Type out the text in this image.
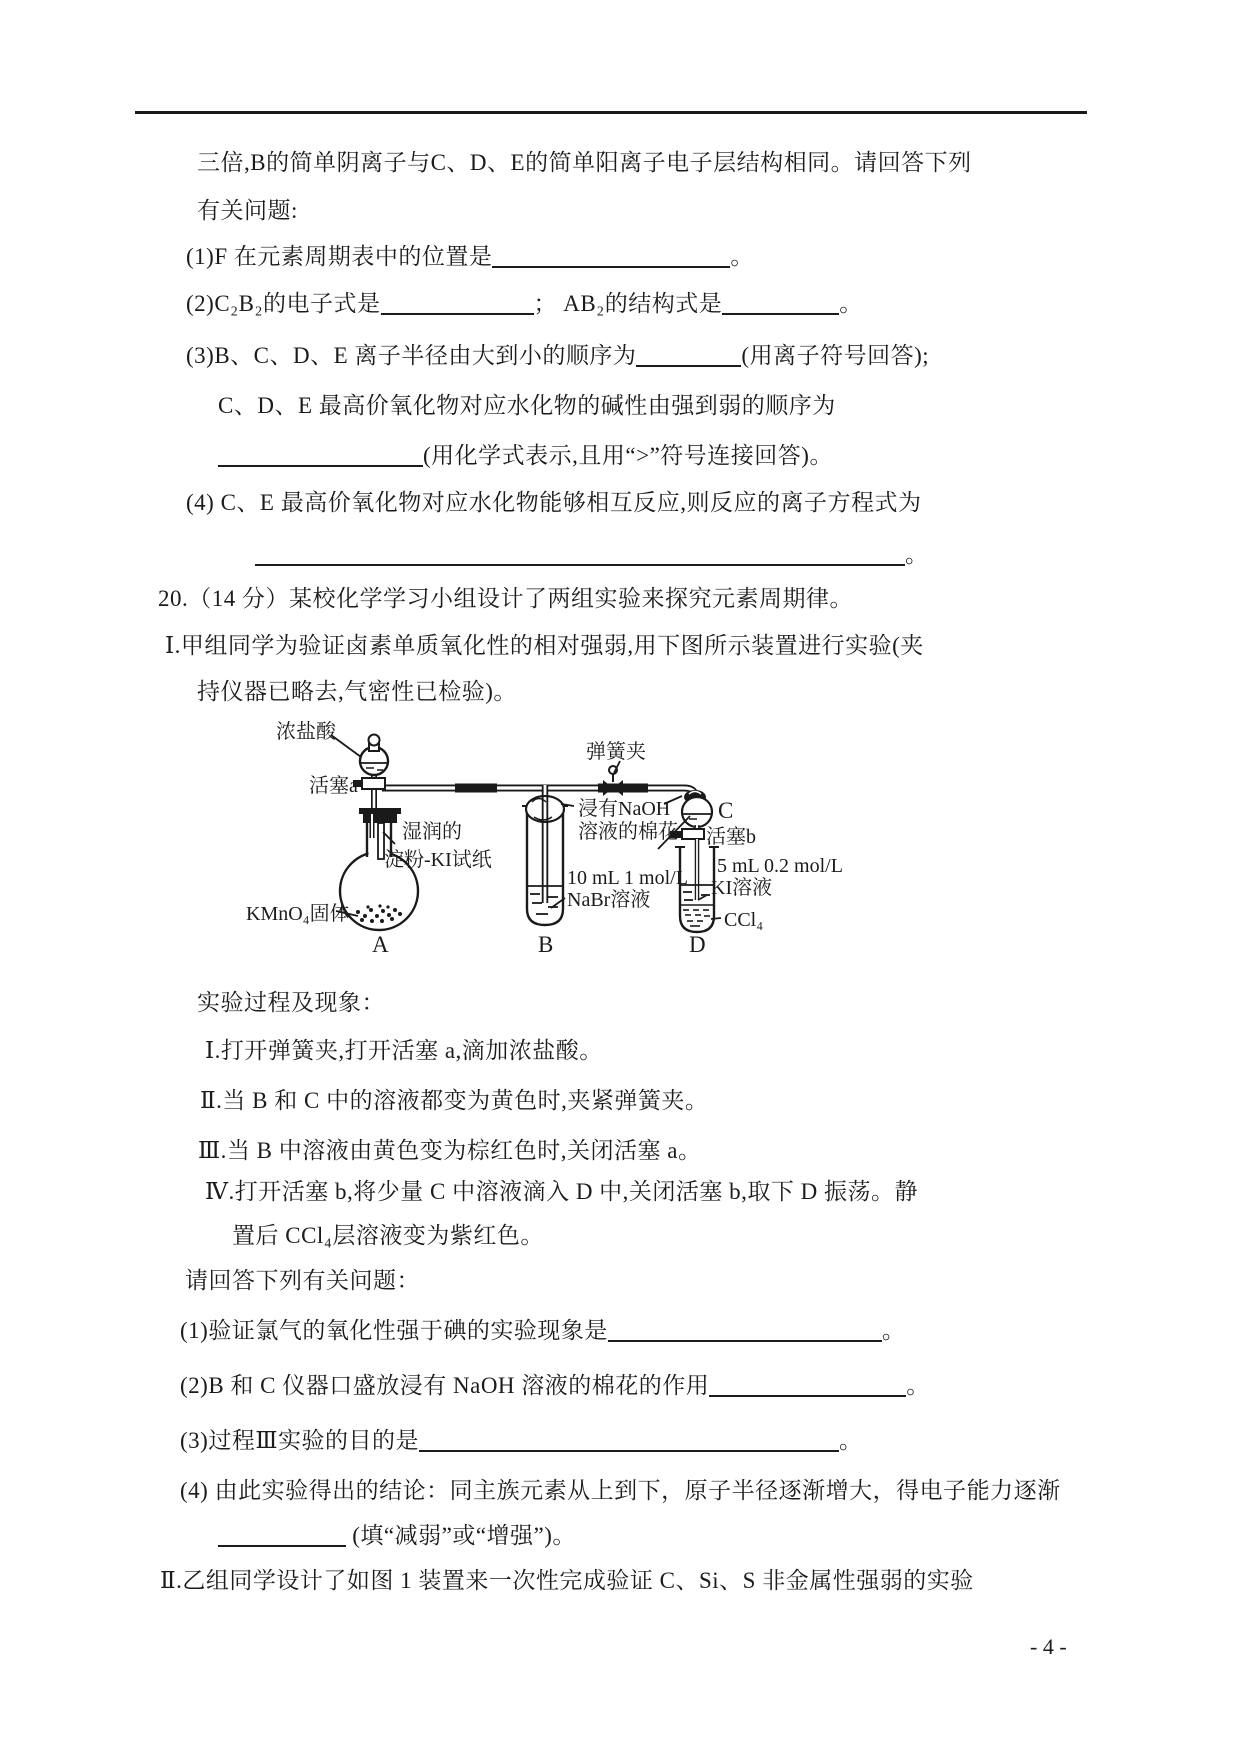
三倍,B的简单阴离子与C、D、E的简单阳离子电子层结构相同。请回答下列
有关问题:
(1)F 在元素周期表中的位置是	。
(2)C₂B₂的电子式是	； AB₂的结构式是	。
(3)B、C、D、E 离子半径由大到小的顺序为	(用离子符号回答);
C、D、E 最高价氧化物对应水化物的碱性由强到弱的顺序为
(用化学式表示,且用“>”符号连接回答)。
(4) C、E 最高价氧化物对应水化物能够相互反应,则反应的离子方程式为
。
20.（14 分）某校化学学习小组设计了两组实验来探究元素周期律。
Ⅰ.甲组同学为验证卤素单质氧化性的相对强弱,用下图所示装置进行实验(夹
持仪器已略去,气密性已检验)。
浓盐酸
活塞a
湿润的
淀粉-KI试纸
KMnO₄固体
A
弹簧夹
浸有NaOH
溶液的棉花
10 mL 1 mol/L
NaBr溶液
B
C
活塞b
5 mL 0.2 mol/L
KI溶液
CCl₄
D
实验过程及现象：
Ⅰ.打开弹簧夹,打开活塞 a,滴加浓盐酸。
Ⅱ.当 B 和 C 中的溶液都变为黄色时,夹紧弹簧夹。
Ⅲ.当 B 中溶液由黄色变为棕红色时,关闭活塞 a。
Ⅳ.打开活塞 b,将少量 C 中溶液滴入 D 中,关闭活塞 b,取下 D 振荡。静
置后 CCl₄层溶液变为紫红色。
请回答下列有关问题：
(1)验证氯气的氧化性强于碘的实验现象是	。
(2)B 和 C 仪器口盛放浸有 NaOH 溶液的棉花的作用	。
(3)过程Ⅲ实验的目的是	。
(4) 由此实验得出的结论：同主族元素从上到下，原子半径逐渐增大，得电子能力逐渐
(填“减弱”或“增强”)。
Ⅱ.乙组同学设计了如图 1 装置来一次性完成验证 C、Si、S 非金属性强弱的实验
- 4 -
